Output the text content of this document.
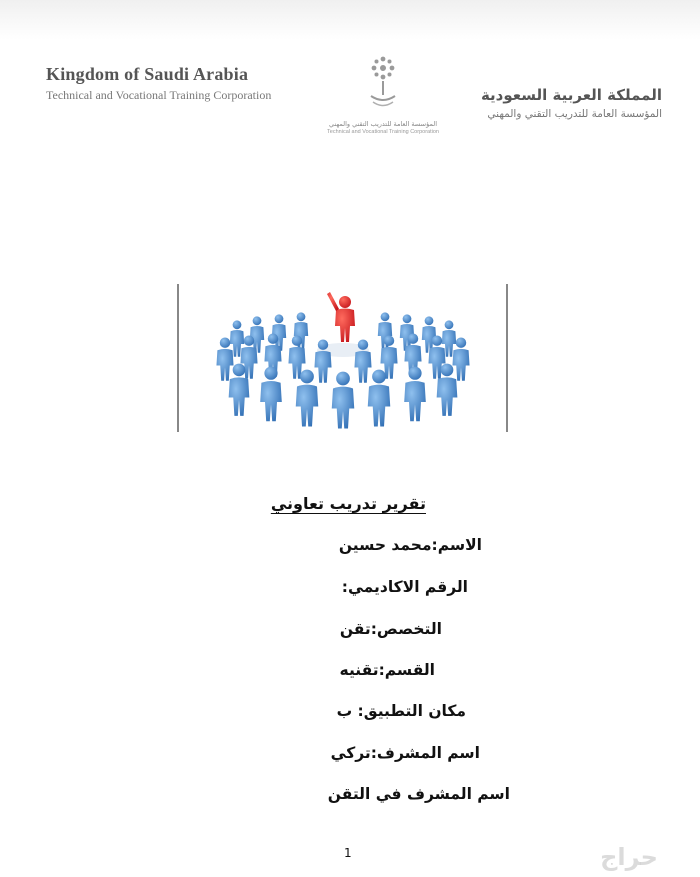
Kingdom of Saudi Arabia
Technical and Vocational Training Corporation
المؤسسة العامة للتدريب التقني والمهني
Technical and Vocational Training Corporation
المملكة العربية السعودية
المؤسسة العامة للتدريب التقني والمهني
تقرير تدريب تعاوني
الاسم:محمد حسين
الرقم الاكاديمي:
التخصص:تقن
القسم:تقنيه
مكان التطبيق: ب
اسم المشرف:تركي
اسم المشرف في التقن
1	حراج
